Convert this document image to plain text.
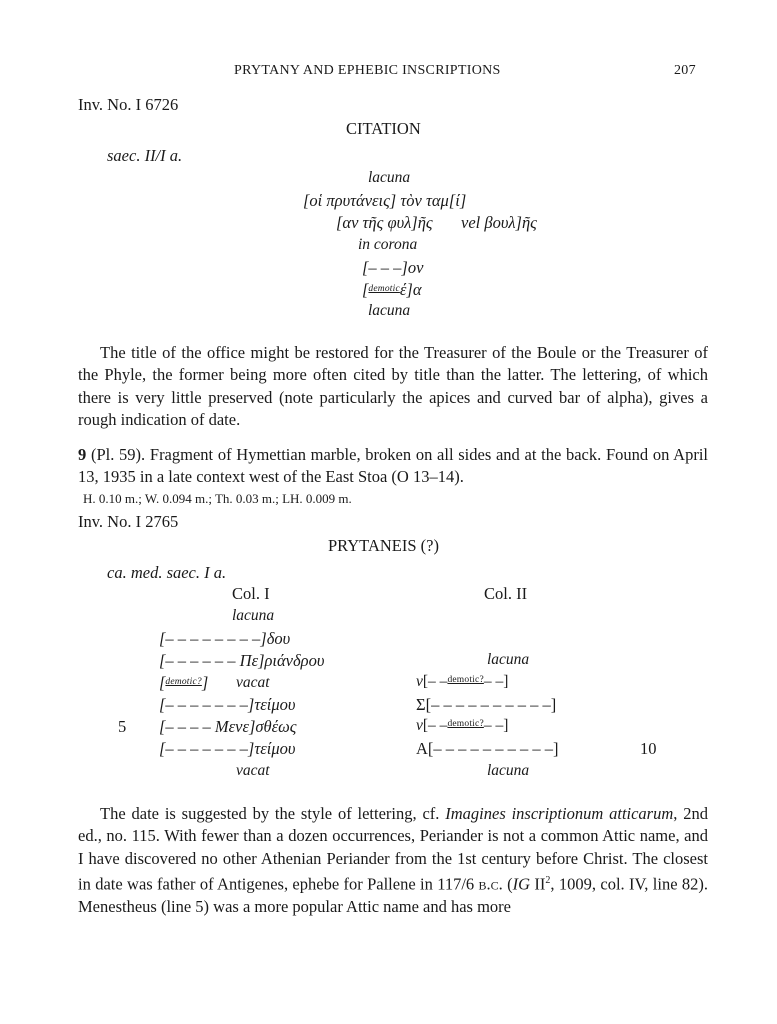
PRYTANY AND EPHEBIC INSCRIPTIONS	207
Inv. No. I 6726
CITATION
saec. II/I a.
lacuna
[οἱ πρυτάνεις] τὸν ταμ[ί]
[αν τῆς φυλ]ῆς vel βουλ]ῆς
in corona
[– – –]ον
[$^{demotic}$έ]α
lacuna

The title of the office might be restored for the Treasurer of the Boule or the Treasurer of the Phyle, the former being more often cited by title than the latter. The lettering, of which there is very little preserved (note particularly the apices and curved bar of alpha), gives a rough indication of date.

9 (Pl. 59). Fragment of Hymettian marble, broken on all sides and at the back. Found on April 13, 1935 in a late context west of the East Stoa (O 13–14).

H. 0.10 m.; W. 0.094 m.; Th. 0.03 m.; LH. 0.009 m.
Inv. No. I 2765
PRYTANEIS (?)
ca. med. saec. I a.
Col. I
lacuna
[– – – – – – – –]δου
[– – – – – – Πε]ριάνδρου
[$^{demotic?}$] vacat
[– – – – – – –]τείμου
5 [– – – – Μενε]σθέως
[– – – – – – –]τείμου
vacat
Col. II
lacuna
v[– –$^{demotic?}$– –]
Σ[– – – – – – – – – –]
v[– –$^{demotic?}$– –]
Α[– – – – – – – – – –]	10
lacuna

The date is suggested by the style of lettering, cf. Imagines inscriptionum atticarum, 2nd ed., no. 115. With fewer than a dozen occurrences, Periander is not a common Attic name, and I have discovered no other Athenian Periander from the 1st century before Christ. The closest in date was father of Antigenes, ephebe for Pallene in 117/6 b.c. (IG $II^2$, 1009, col. IV, line 82). Menestheus (line 5) was a more popular Attic name and has more
